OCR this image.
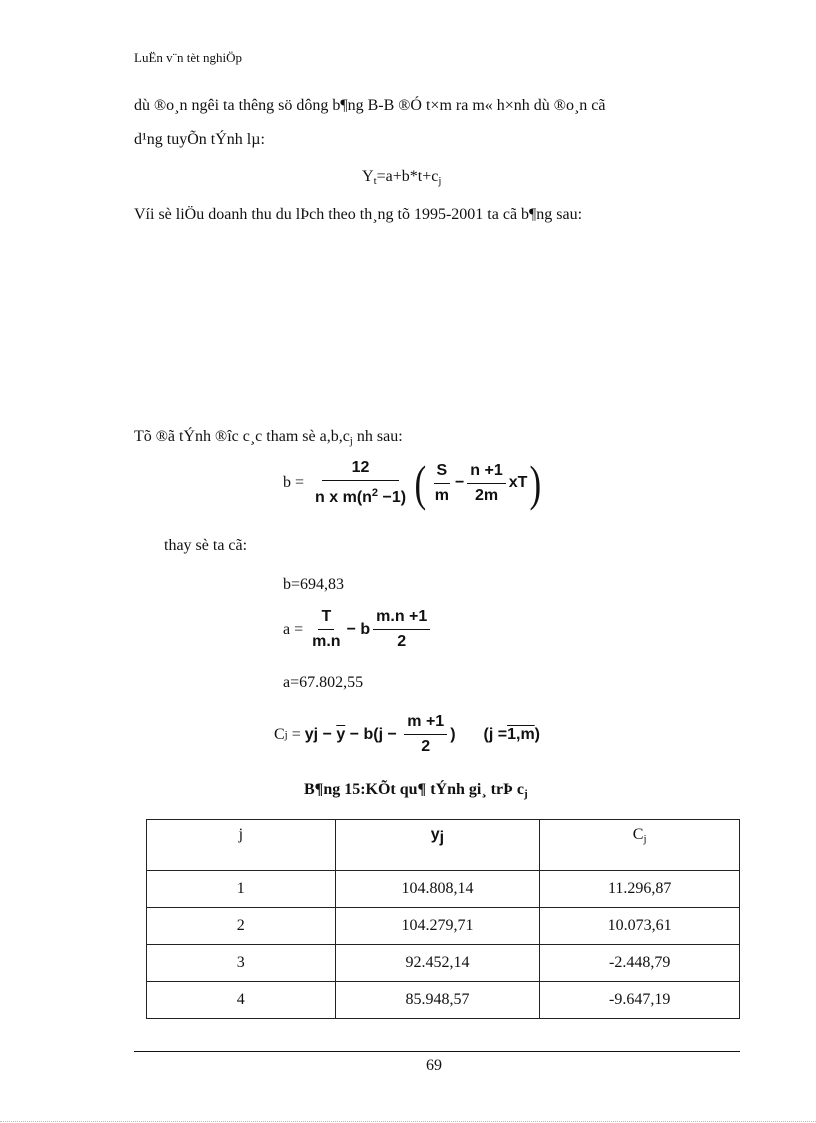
LuËn v¨n tèt nghiÖp
dù ®o¸n ngêi ta thêng sö dông b¶ng B-B ®Ó t×m ra m« h×nh dù ®o¸n cã
d¹ng tuyÕn tÝnh lµ:
$Y_t=a+b*t+c_j$
Víi sè liÖu doanh thu du lÞch theo th¸ng tõ 1995-2001 ta cã b¶ng sau:
Tõ ®ã tÝnh ®îc c¸c tham sè $a,b,c_j$ nh sau:
$b = \frac{12}{n x m(n^2 -1)}$ ( $\frac{S}{m} - \frac{n +1}{2m}$ xT )
thay sè ta cã:
b=694,83
$a = \frac{T}{m.n} - b \frac{m.n +1}{2}$
a=67.802,55
C j = y $j - \overline{y} - b(j - \frac{m +1}{2}$ ) (j = 1,m )
B¶ng 15:KÕt qu¶ tÝnh gi¸ trÞ $c_j$
j	$y_j$	$C_j$
1	104.808,14	11.296,87
2	104.279,71	10.073,61
3	92.452,14	-2.448,79
4	85.948,57	-9.647,19
69
